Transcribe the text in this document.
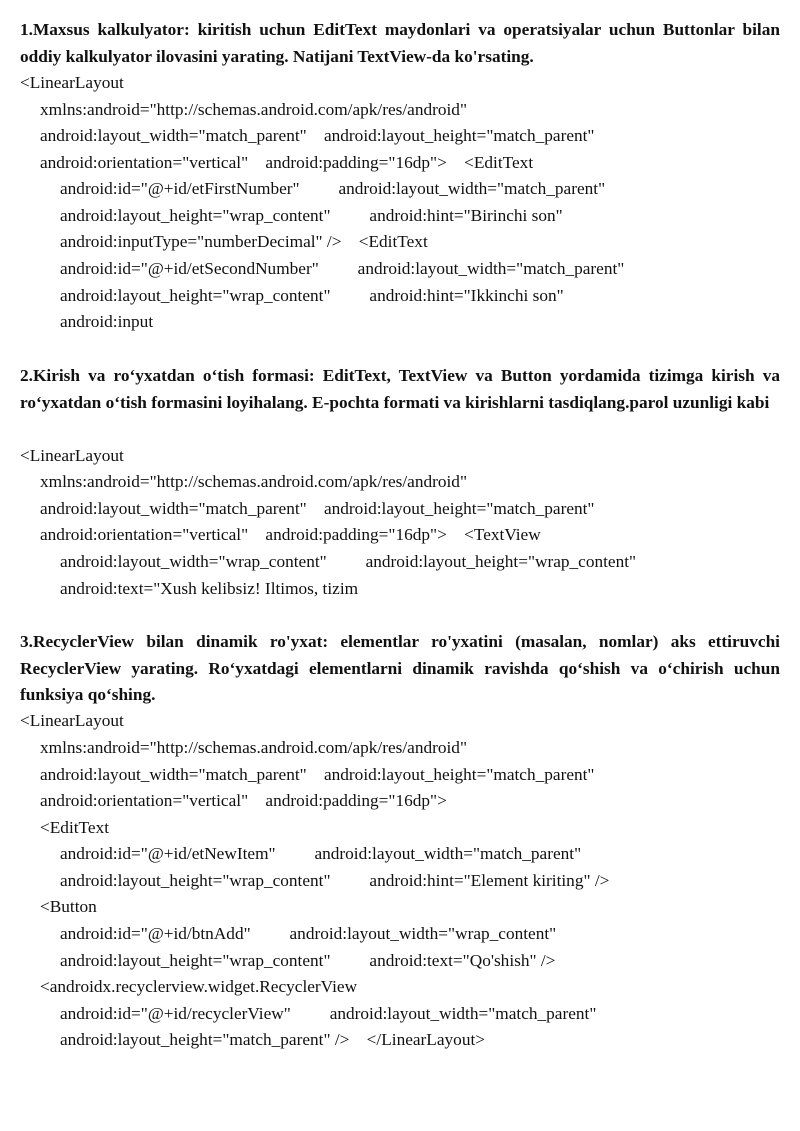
1.Maxsus kalkulyator: kiritish uchun EditText maydonlari va operatsiyalar uchun Buttonlar bilan oddiy kalkulyator ilovasini yarating. Natijani TextView-da ko'rsating.
<LinearLayout
xmlns:android="http://schemas.android.com/apk/res/android"
android:layout_width="match_parent"    android:layout_height="match_parent"
android:orientation="vertical"    android:padding="16dp">    <EditText
android:id="@+id/etFirstNumber"         android:layout_width="match_parent"
android:layout_height="wrap_content"         android:hint="Birinchi son"
android:inputType="numberDecimal" />    <EditText
android:id="@+id/etSecondNumber"         android:layout_width="match_parent"
android:layout_height="wrap_content"         android:hint="Ikkinchi son"
android:input
2.Kirish va ro‘yxatdan o‘tish formasi: EditText, TextView va Button yordamida tizimga kirish va ro‘yxatdan o‘tish formasini loyihalang. E-pochta formati va kirishlarni tasdiqlang.parol uzunligi kabi
<LinearLayout
xmlns:android="http://schemas.android.com/apk/res/android"
android:layout_width="match_parent"    android:layout_height="match_parent"
android:orientation="vertical"    android:padding="16dp">    <TextView
android:layout_width="wrap_content"         android:layout_height="wrap_content"
android:text="Xush kelibsiz! Iltimos, tizim
3.RecyclerView bilan dinamik ro'yxat: elementlar ro'yxatini (masalan, nomlar) aks ettiruvchi RecyclerView yarating. Ro‘yxatdagi elementlarni dinamik ravishda qo‘shish va o‘chirish uchun funksiya qo‘shing.
<LinearLayout
xmlns:android="http://schemas.android.com/apk/res/android"
android:layout_width="match_parent"    android:layout_height="match_parent"
android:orientation="vertical"    android:padding="16dp">
<EditText
android:id="@+id/etNewItem"         android:layout_width="match_parent"
android:layout_height="wrap_content"         android:hint="Element kiriting" />
<Button
android:id="@+id/btnAdd"         android:layout_width="wrap_content"
android:layout_height="wrap_content"         android:text="Qo'shish" />
<androidx.recyclerview.widget.RecyclerView
android:id="@+id/recyclerView"         android:layout_width="match_parent"
android:layout_height="match_parent" />    </LinearLayout>
